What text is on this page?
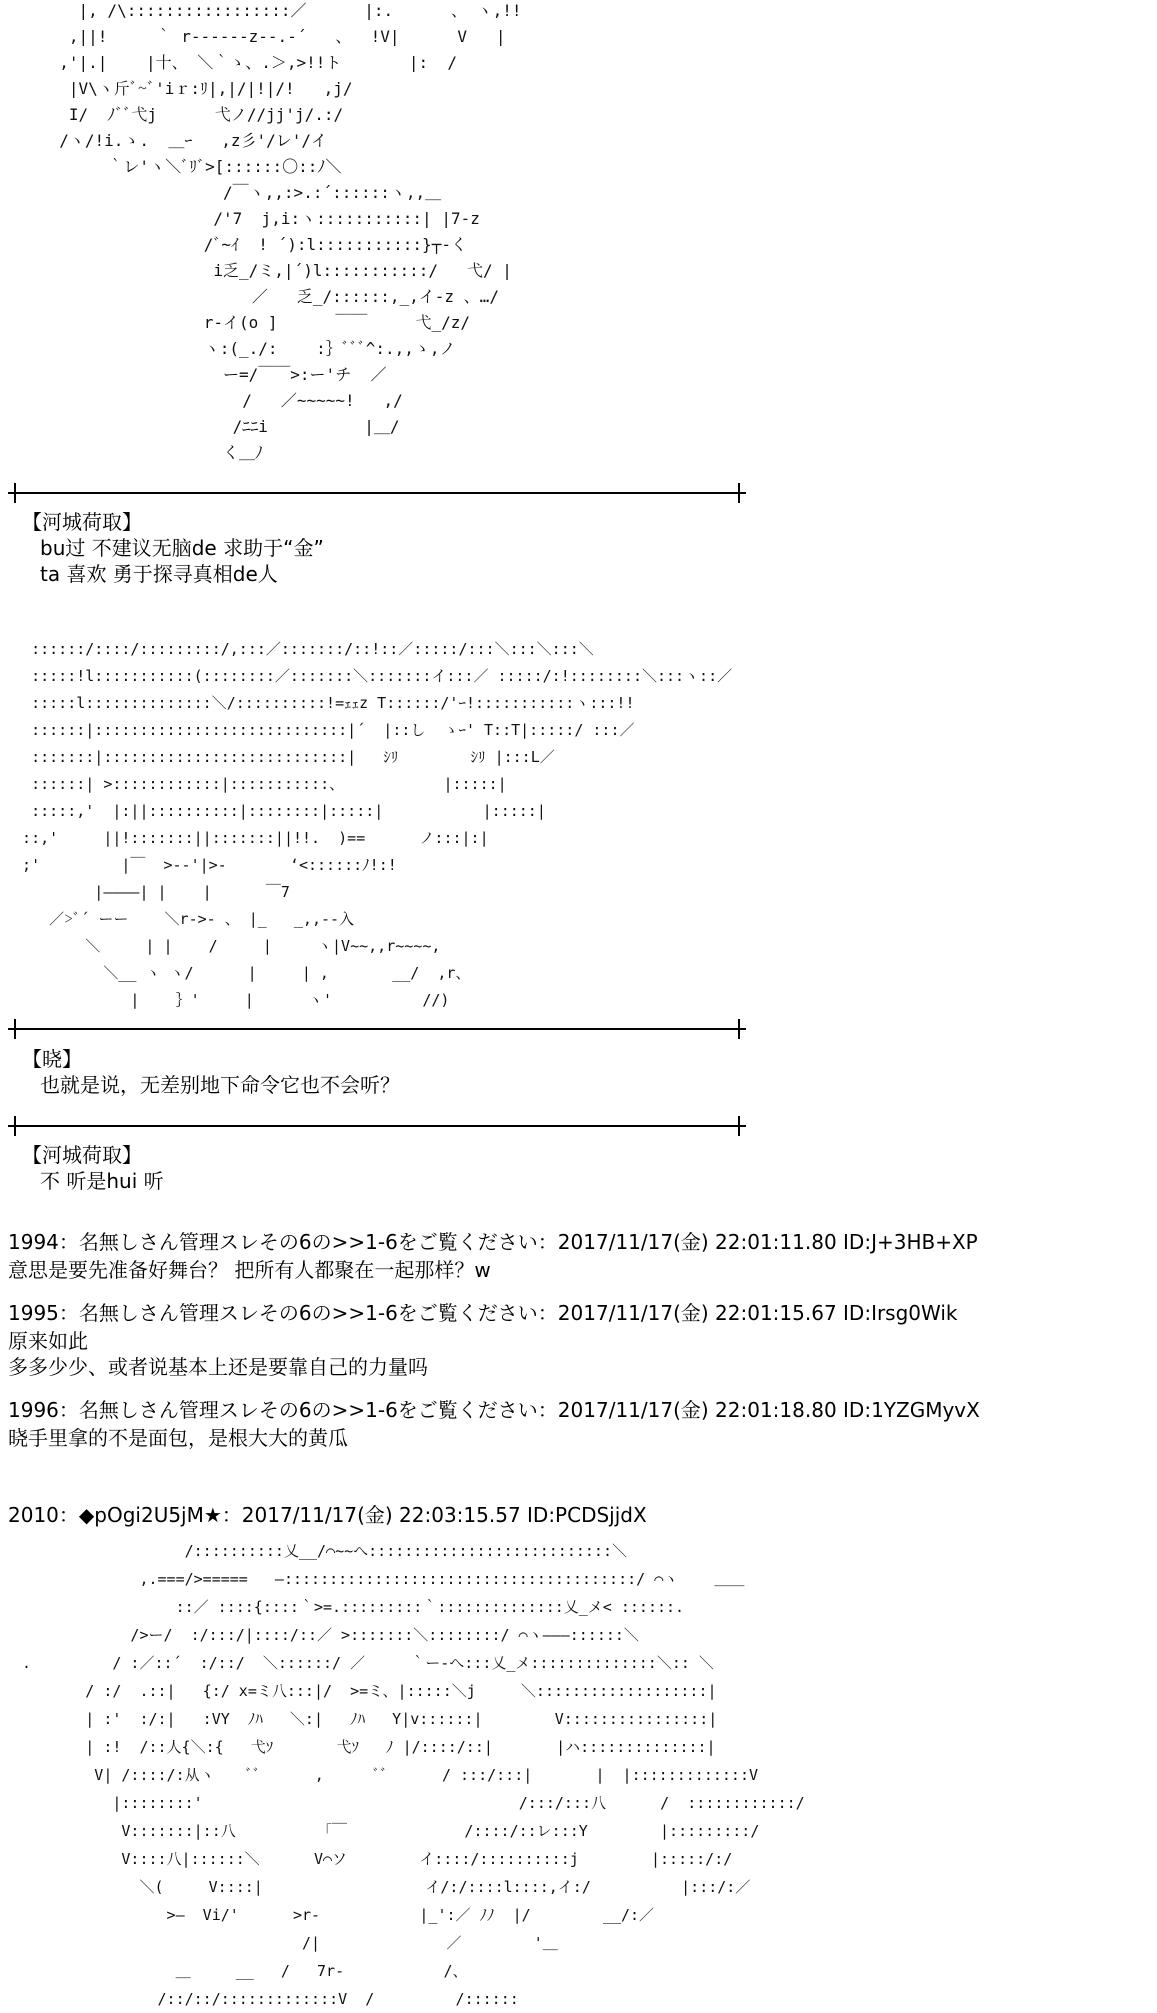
|, /\:::::::::::::::::／      |:.      、 ヽ,!!
,||!     ｀ r------z--.-´   、  !V|      V   |
,'|.|    |十、 ＼｀ゝ、.＞,>!!ト       |:  /
|V\ヽ斤ﾞ~ﾞ'iｒ:ﾘ|,|/|!|/!   ,j/
I/  ﾉﾞﾞ弋j      弋ノ//jj'j/.:/
/ヽ/!i.ゝ.  ＿ｰ   ,z彡'/レ'/イ
｀レ'ヽ＼ﾞﾘﾞ>[::::::〇::ﾉ＼
/￣ヽ,,:>.:´::::::ヽ,,＿
/'7  j,i:ヽ:::::::::::| |7-z
/ﾞ~ｲ  ! ´):l:::::::::::}┬‐く
i乏_/ミ,|´)l:::::::::::/   弋/ |
／   乏_/::::::,_,イ-z 、…/
r-イ(o ]      ￣￣     弋_/z/
ヽ:(_./:    :｝ﾞﾞﾞ^:.,,ゝ,ノ
ー=/￣￣>:ー'チ  ／
/   ／~~~~~!   ,/
/ﾆﾆi          |＿/
く＿ﾉ
【河城荷取】
bu过 不建议无脑de 求助于“金”
ta 喜欢 勇于探寻真相de人
::::::/::::/:::::::::/,:::／:::::::/::!::／:::::/:::＼:::＼:::＼
:::::!l:::::::::::(::::::::／:::::::＼:::::::イ:::／ :::::/:!::::::::＼:::ヽ::／
:::::l::::::::::::::＼/::::::::::!=ｪｪz T::::::/'ｰ!:::::::::::ヽ:::!!
::::::|::::::::::::::::::::::::::::|´  |::し  ゝｰ' T::T|:::::/ :::／
:::::::|:::::::::::::::::::::::::::|   ｼﾘ        ｼﾘ |:::L／
::::::| >::::::::::::|:::::::::::、           |:::::|
:::::,'  |:||::::::::::|::::::::|:::::|           |:::::|
::,'     ||!:::::::||:::::::||!!.  )==      ノ:::|:|
;'         |￣  >‐‐'|>-       ‘<::::::ﾉ!:!
|――――| |    |      ￣7
／>ﾞ´ ーー    ＼r‐>- 、 |_   _,,-‐入
＼     | |    /     |     ヽ|V~~,,r~~~~,
＼__ ヽ ヽ/      |     | ,       __/  ,r、
|    ｝'     |      ヽ'          //)
【晓】
也就是说，无差别地下命令它也不会听？
【河城荷取】
不 听是hui 听
1994：名無しさん管理スレその6の>>1-6をご覧ください：2017/11/17(金) 22:01:11.80 ID:J+3HB+XP
意思是要先准备好舞台？ 把所有人都聚在一起那样？w
1995：名無しさん管理スレその6の>>1-6をご覧ください：2017/11/17(金) 22:01:15.67 ID:Irsg0Wik
原来如此
多多少少、或者说基本上还是要靠自己的力量吗
1996：名無しさん管理スレその6の>>1-6をご覧ください：2017/11/17(金) 22:01:18.80 ID:1YZGMyvX
晓手里拿的不是面包，是根大大的黄瓜
2010：◆pOgi2U5jM★：2017/11/17(金) 22:03:15.57 ID:PCDSjjdX
/::::::::::乂__/⌒~~へ:::::::::::::::::::::::::::＼
,.===/>=====   ―:::::::::::::::::::::::::::::::::::::::/ ⌒ヽ    ＿＿
::／ ::::{::::｀>=.:::::::::｀::::::::::::::乂_メ< ::::::.
/>ー/  :/:::/|::::/::／ >:::::::＼::::::::/ ⌒ヽ―――::::::＼
.         / :／::´  :/::/  ＼::::::/ ／     ｀ー‐へ:::乂_メ::::::::::::::＼:: ＼
/ :/  .::|   {:/ x=ミ八:::|/  >=ミ、|:::::＼j     ＼:::::::::::::::::::|
| :'  :/:|   :VY  ﾉﾊ   ＼:|   ﾉﾊ   Y|v::::::|        V::::::::::::::::|
| :!  /::人{＼:{   弋ｿ       弋ｿ   ﾉ |/::::/::|       |ハ::::::::::::::|
V| /::::/:从ヽ    ﾞﾞ      ,      ﾞﾞ      / :::/:::|       |  |:::::::::::::V
|::::::::'                                   /:::/:::八      /  ::::::::::::/
V:::::::|::八         「￣             /::::/::レ:::Y        |:::::::::/
V::::八|::::::＼      V⌒ソ        イ::::/::::::::::j        |:::::/:/
＼(     V::::|                  イ/:/::::l::::,イ:/          |:::/:／
>―  Vi/'      >r‐           |_':／ ﾉﾉ  |/        __/:／
/|              ／        '＿
＿     __   /   7r‐           /、
/::/::/:::::::::::::V  /         /::::::
